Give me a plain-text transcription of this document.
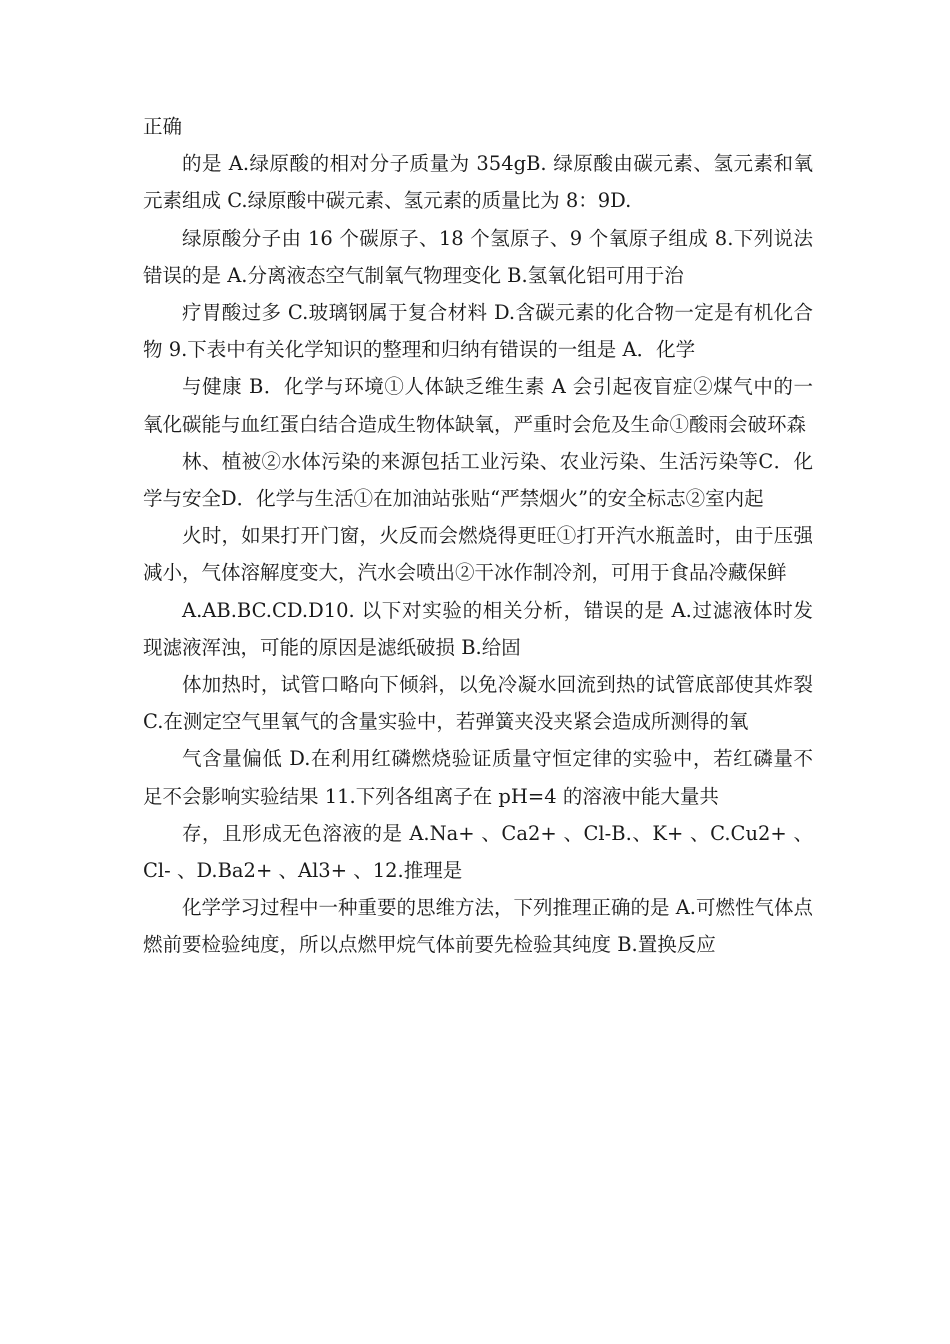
正确

的是 A.绿原酸的相对分子质量为 354gB. 绿原酸由碳元素、氢元素和氧元素组成 C.绿原酸中碳元素、氢元素的质量比为 8：9D.

绿原酸分子由 16 个碳原子、18 个氢原子、9 个氧原子组成 8.下列说法错误的是 A.分离液态空气制氧气物理变化 B.氢氧化铝可用于治

疗胃酸过多 C.玻璃钢属于复合材料 D.含碳元素的化合物一定是有机化合物 9.下表中有关化学知识的整理和归纳有错误的一组是 A．化学

与健康 B．化学与环境①人体缺乏维生素 A 会引起夜盲症②煤气中的一氧化碳能与血红蛋白结合造成生物体缺氧，严重时会危及生命①酸雨会破环森

林、植被②水体污染的来源包括工业污染、农业污染、生活污染等C．化学与安全D．化学与生活①在加油站张贴“严禁烟火”的安全标志②室内起

火时，如果打开门窗，火反而会燃烧得更旺①打开汽水瓶盖时，由于压强减小，气体溶解度变大，汽水会喷出②干冰作制冷剂，可用于食品冷藏保鲜

A.AB.BC.CD.D10. 以下对实验的相关分析，错误的是 A.过滤液体时发现滤液浑浊，可能的原因是滤纸破损 B.给固

体加热时，试管口略向下倾斜，以免冷凝水回流到热的试管底部使其炸裂 C.在测定空气里氧气的含量实验中，若弹簧夹没夹紧会造成所测得的氧

气含量偏低 D.在利用红磷燃烧验证质量守恒定律的实验中，若红磷量不足不会影响实验结果 11.下列各组离子在 pH=4 的溶液中能大量共

存，且形成无色溶液的是 A.Na+ 、Ca2+ 、Cl-B.、K+ 、C.Cu2+ 、Cl- 、D.Ba2+ 、Al3+ 、12.推理是

化学学习过程中一种重要的思维方法，下列推理正确的是 A.可燃性气体点燃前要检验纯度，所以点燃甲烷气体前要先检验其纯度 B.置换反应
